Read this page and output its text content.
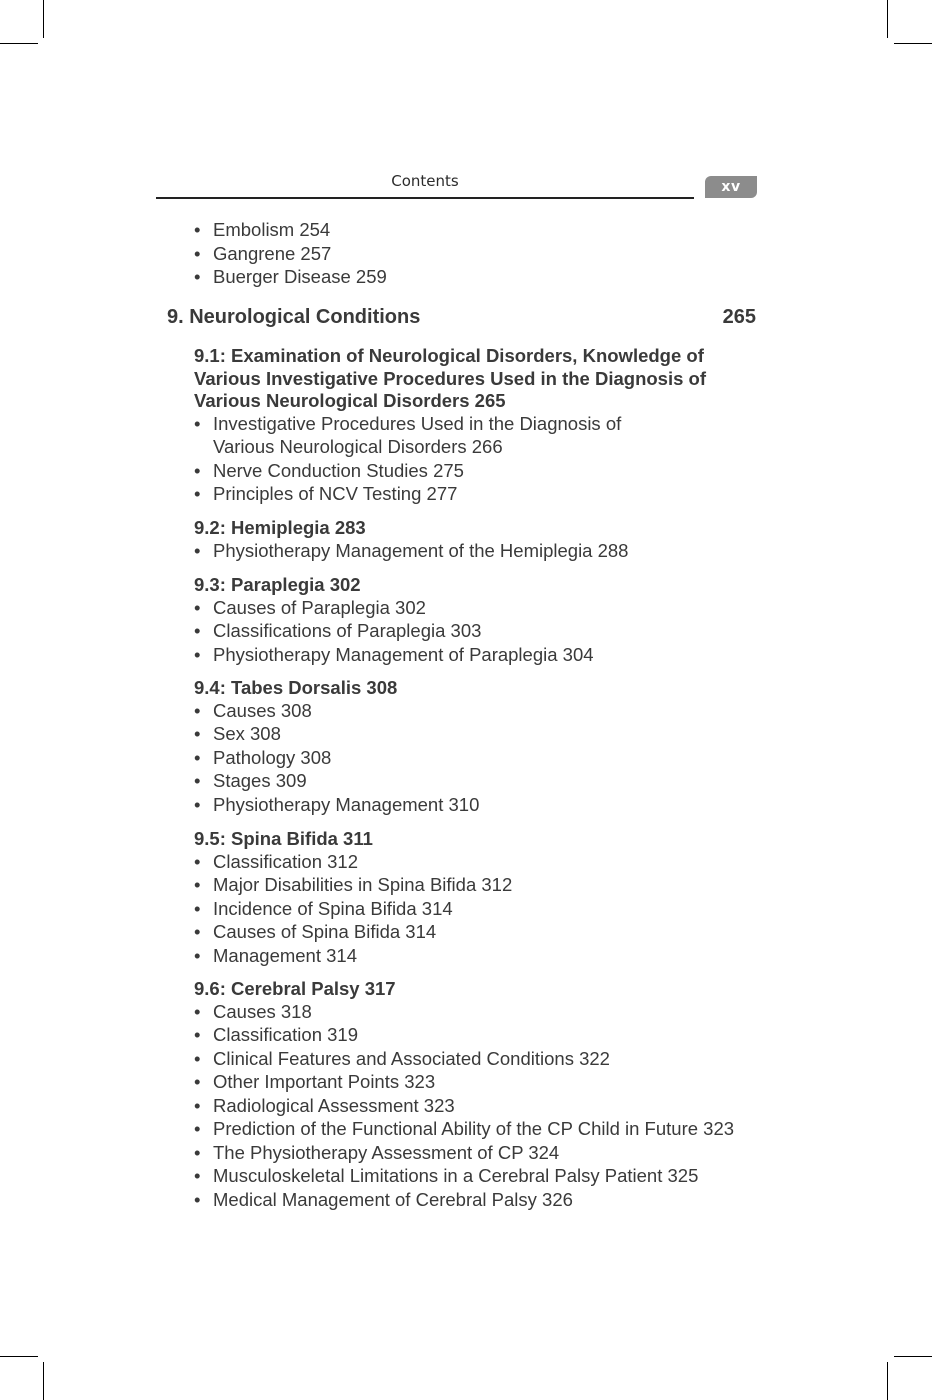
Contents	xv
• Embolism 254
• Gangrene 257
• Buerger Disease 259
9. Neurological Conditions	265
9.1: Examination of Neurological Disorders, Knowledge of
Various Investigative Procedures Used in the Diagnosis of
Various Neurological Disorders 265
• Investigative Procedures Used in the Diagnosis of
Various Neurological Disorders 266
• Nerve Conduction Studies 275
• Principles of NCV Testing 277
9.2: Hemiplegia 283
• Physiotherapy Management of the Hemiplegia 288
9.3: Paraplegia 302
• Causes of Paraplegia 302
• Classifications of Paraplegia 303
• Physiotherapy Management of Paraplegia 304
9.4: Tabes Dorsalis 308
• Causes 308
• Sex 308
• Pathology 308
• Stages 309
• Physiotherapy Management 310
9.5: Spina Bifida 311
• Classification 312
• Major Disabilities in Spina Bifida 312
• Incidence of Spina Bifida 314
• Causes of Spina Bifida 314
• Management 314
9.6: Cerebral Palsy 317
• Causes 318
• Classification 319
• Clinical Features and Associated Conditions 322
• Other Important Points 323
• Radiological Assessment 323
• Prediction of the Functional Ability of the CP Child in Future 323
• The Physiotherapy Assessment of CP 324
• Musculoskeletal Limitations in a Cerebral Palsy Patient 325
• Medical Management of Cerebral Palsy 326
